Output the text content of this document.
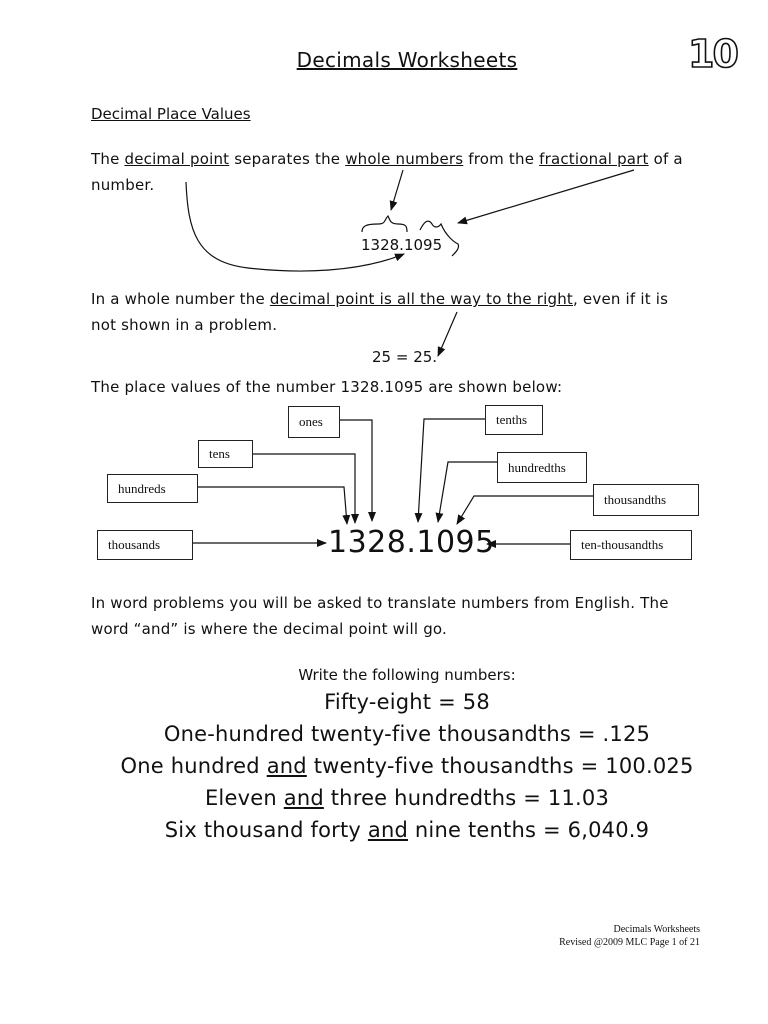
Decimals Worksheets	10
Decimal Place Values
The decimal point separates the whole numbers from the fractional part of a
number.
1328.1095
In a whole number the decimal point is all the way to the right, even if it is
not shown in a problem.
25 = 25.
The place values of the number 1328.1095 are shown below:
ones	tenths
tens
hundredths
hundreds
thousandths
thousands	ten-thousandths
1328.1095
In word problems you will be asked to translate numbers from English. The
word “and” is where the decimal point will go.
Write the following numbers:
Fifty-eight = 58
One-hundred twenty-five thousandths = .125
One hundred and twenty-five thousandths = 100.025
Eleven and three hundredths = 11.03
Six thousand forty and nine tenths = 6,040.9
Decimals Worksheets
Revised @2009 MLC Page 1 of 21
